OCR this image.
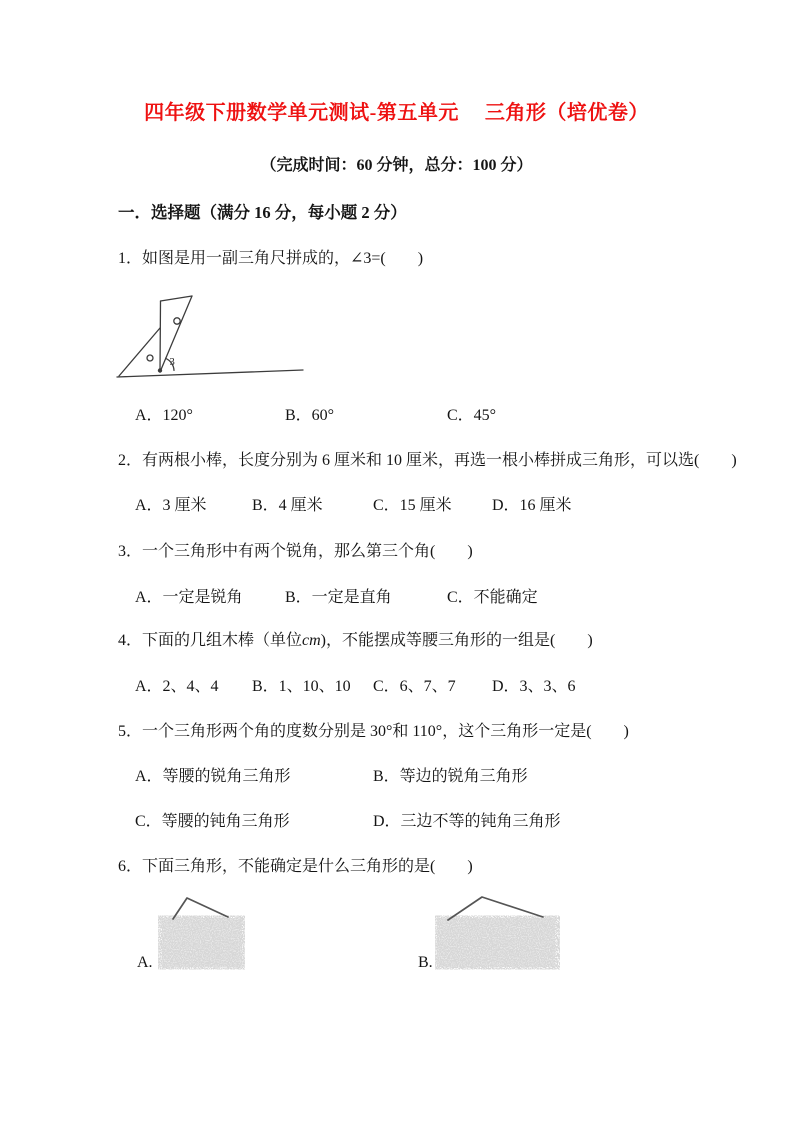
四年级下册数学单元测试-第五单元　 三角形（培优卷）
（完成时间：60 分钟，总分：100 分）
一．选择题（满分 16 分，每小题 2 分）
1．如图是用一副三角尺拼成的，∠3=(　　)
3
A．120°	B．60°	C．45°
2．有两根小棒，长度分别为 6 厘米和 10 厘米，再选一根小棒拼成三角形，可以选(　　)
A．3 厘米	B．4 厘米	C．15 厘米	D．16 厘米
3．一个三角形中有两个锐角，那么第三个角(　　)
A．一定是锐角	B．一定是直角	C．不能确定
4．下面的几组木棒（单位cm)，不能摆成等腰三角形的一组是(　　)
A．2、4、4 B．1、10、10 C．6、7、7 D．3、3、6
5．一个三角形两个角的度数分别是 30°和 110°，这个三角形一定是(　　)
A．等腰的锐角三角形	B．等边的锐角三角形
C．等腰的钝角三角形	D．三边不等的钝角三角形
6．下面三角形，不能确定是什么三角形的是(　　)
A.	B.
